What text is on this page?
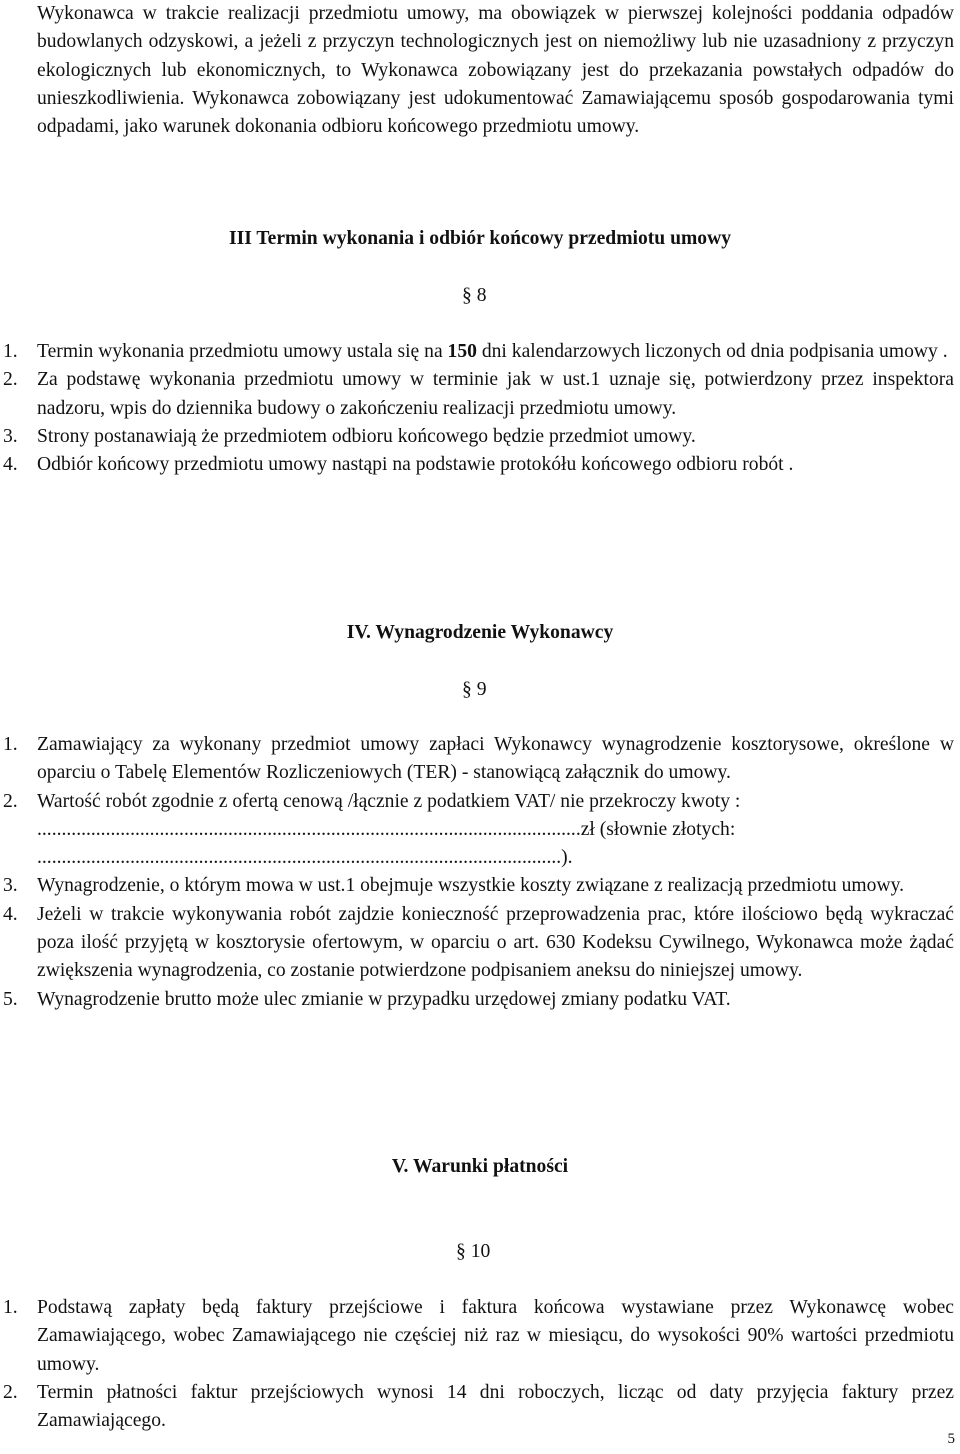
Wykonawca w trakcie realizacji przedmiotu umowy, ma obowiązek w pierwszej kolejności poddania odpadów budowlanych odzyskowi, a jeżeli z przyczyn technologicznych jest on niemożliwy lub nie uzasadniony z przyczyn ekologicznych lub ekonomicznych, to Wykonawca zobowiązany jest do przekazania powstałych odpadów do unieszkodliwienia. Wykonawca zobowiązany jest udokumentować Zamawiającemu sposób gospodarowania tymi odpadami, jako warunek dokonania odbioru końcowego przedmiotu umowy.

III Termin wykonania i odbiór końcowy przedmiotu umowy
§ 8
1. Termin wykonania przedmiotu umowy ustala się na 150 dni kalendarzowych liczonych od dnia podpisania umowy .
2. Za podstawę wykonania przedmiotu umowy w terminie jak w ust.1 uznaje się, potwierdzony przez inspektora nadzoru, wpis do dziennika budowy o zakończeniu realizacji przedmiotu umowy.
3. Strony postanawiają że przedmiotem odbioru końcowego będzie przedmiot umowy.
4. Odbiór końcowy przedmiotu umowy nastąpi na podstawie protokółu końcowego odbioru robót .
IV. Wynagrodzenie Wykonawcy
§ 9
1. Zamawiający za wykonany przedmiot umowy zapłaci Wykonawcy wynagrodzenie kosztorysowe, określone w oparciu o Tabelę Elementów Rozliczeniowych (TER) - stanowiącą załącznik do umowy.
2. Wartość robót zgodnie z ofertą cenową /łącznie z podatkiem VAT/ nie przekroczy kwoty :
...............................................................................................................zł (słownie złotych:
...........................................................................................................).
3. Wynagrodzenie, o którym mowa w ust.1 obejmuje wszystkie koszty związane z realizacją przedmiotu umowy.
4. Jeżeli w trakcie wykonywania robót zajdzie konieczność przeprowadzenia prac, które ilościowo będą wykraczać poza ilość przyjętą w kosztorysie ofertowym, w oparciu o art. 630 Kodeksu Cywilnego, Wykonawca może żądać zwiększenia wynagrodzenia, co zostanie potwierdzone podpisaniem aneksu do niniejszej umowy.
5. Wynagrodzenie brutto może ulec zmianie w przypadku urzędowej zmiany podatku VAT.
V. Warunki płatności
§ 10
1. Podstawą zapłaty będą faktury przejściowe i faktura końcowa wystawiane przez Wykonawcę wobec Zamawiającego, wobec Zamawiającego nie częściej niż raz w miesiącu, do wysokości 90% wartości przedmiotu umowy.
2. Termin płatności faktur przejściowych wynosi 14 dni roboczych, licząc od daty przyjęcia faktury przez Zamawiającego.
5
